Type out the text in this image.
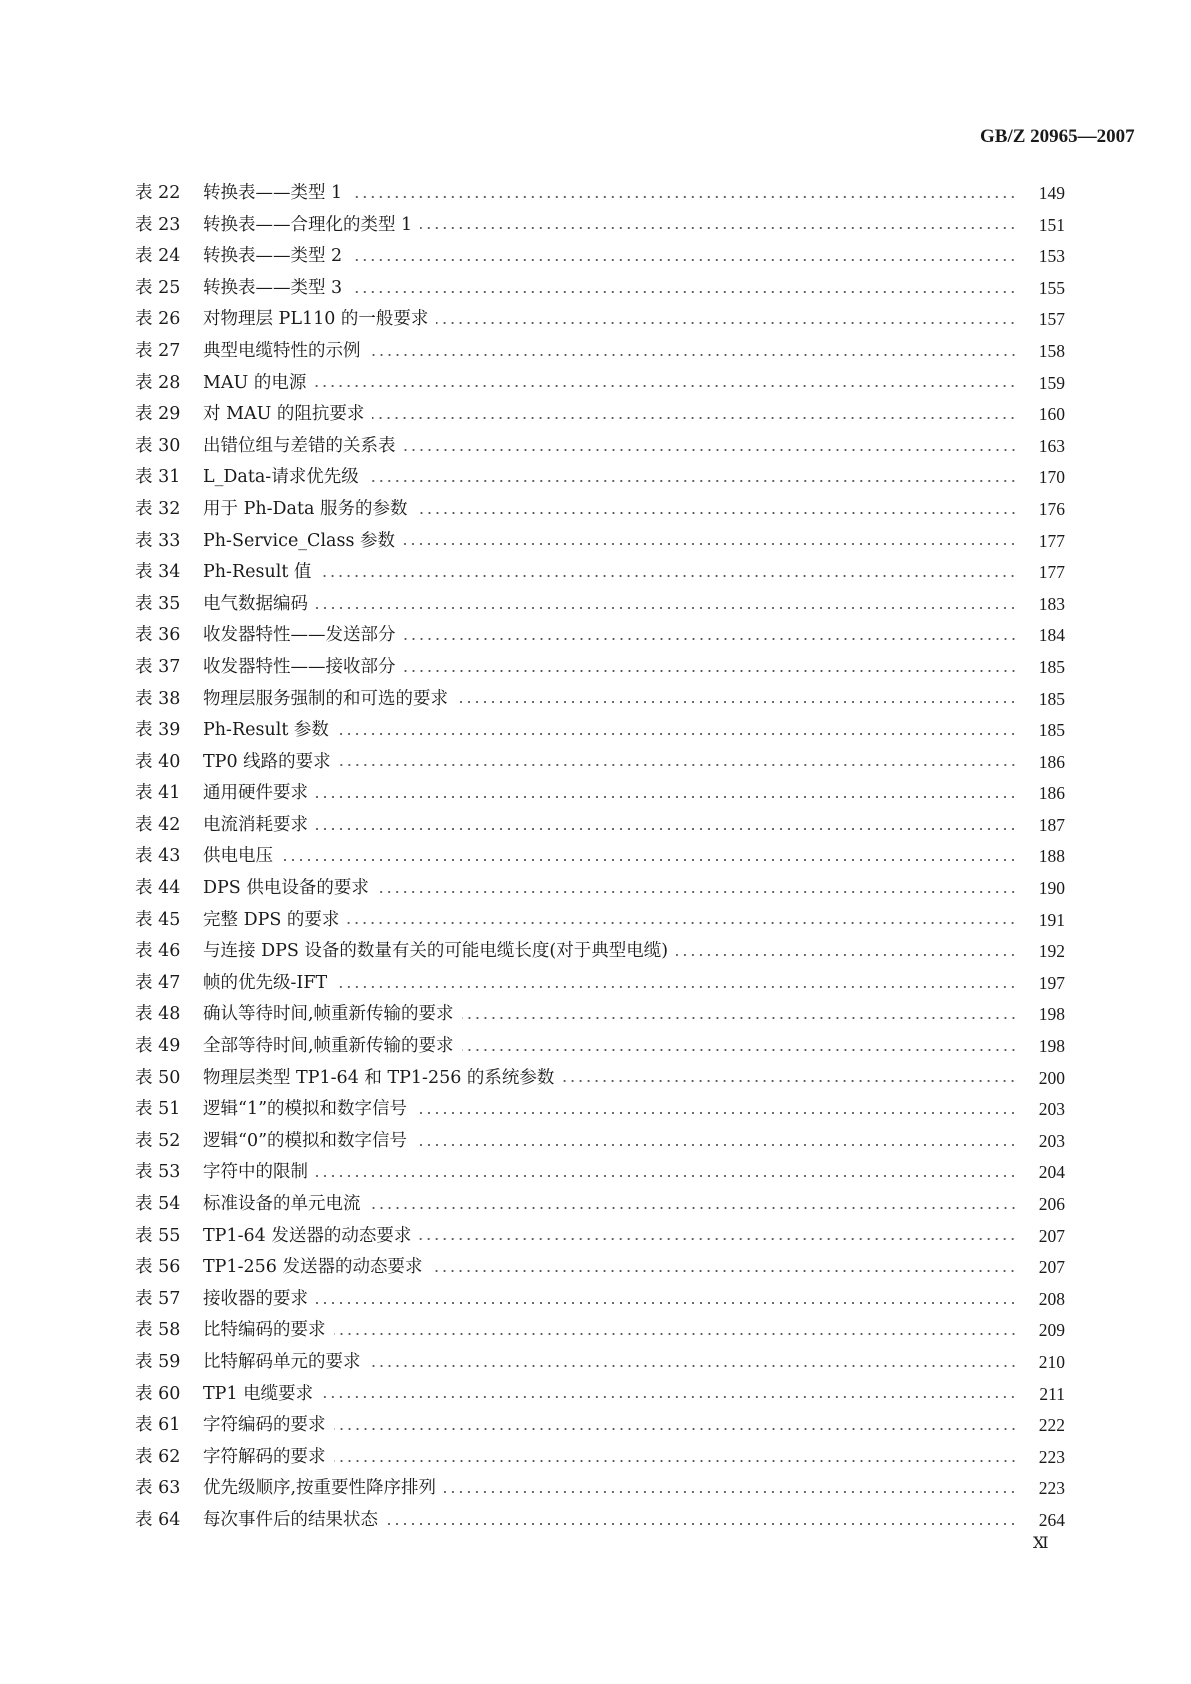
GB/Z 20965—2007
表 22 转换表——类型 1	149
表 23 转换表——合理化的类型 1	151
表 24 转换表——类型 2	153
表 25 转换表——类型 3	155
表 26 对物理层 PL110 的一般要求	157
表 27 典型电缆特性的示例	158
表 28 MAU 的电源	159
表 29 对 MAU 的阻抗要求	160
表 30 出错位组与差错的关系表	163
表 31 L_Data-请求优先级	170
表 32 用于 Ph-Data 服务的参数	176
表 33 Ph-Service_Class 参数	177
表 34 Ph-Result 值	177
表 35 电气数据编码	183
表 36 收发器特性——发送部分	184
表 37 收发器特性——接收部分	185
表 38 物理层服务强制的和可选的要求	185
表 39 Ph-Result 参数	185
表 40 TP0 线路的要求	186
表 41 通用硬件要求	186
表 42 电流消耗要求	187
表 43 供电电压	188
表 44 DPS 供电设备的要求	190
表 45 完整 DPS 的要求	191
表 46 与连接 DPS 设备的数量有关的可能电缆长度(对于典型电缆)	192
表 47 帧的优先级-IFT	197
表 48 确认等待时间,帧重新传输的要求	198
表 49 全部等待时间,帧重新传输的要求	198
表 50 物理层类型 TP1-64 和 TP1-256 的系统参数	200
表 51 逻辑“1”的模拟和数字信号	203
表 52 逻辑“0”的模拟和数字信号	203
表 53 字符中的限制	204
表 54 标准设备的单元电流	206
表 55 TP1-64 发送器的动态要求	207
表 56 TP1-256 发送器的动态要求	207
表 57 接收器的要求	208
表 58 比特编码的要求	209
表 59 比特解码单元的要求	210
表 60 TP1 电缆要求	211
表 61 字符编码的要求	222
表 62 字符解码的要求	223
表 63 优先级顺序,按重要性降序排列	223
表 64 每次事件后的结果状态	264
Ⅺ
